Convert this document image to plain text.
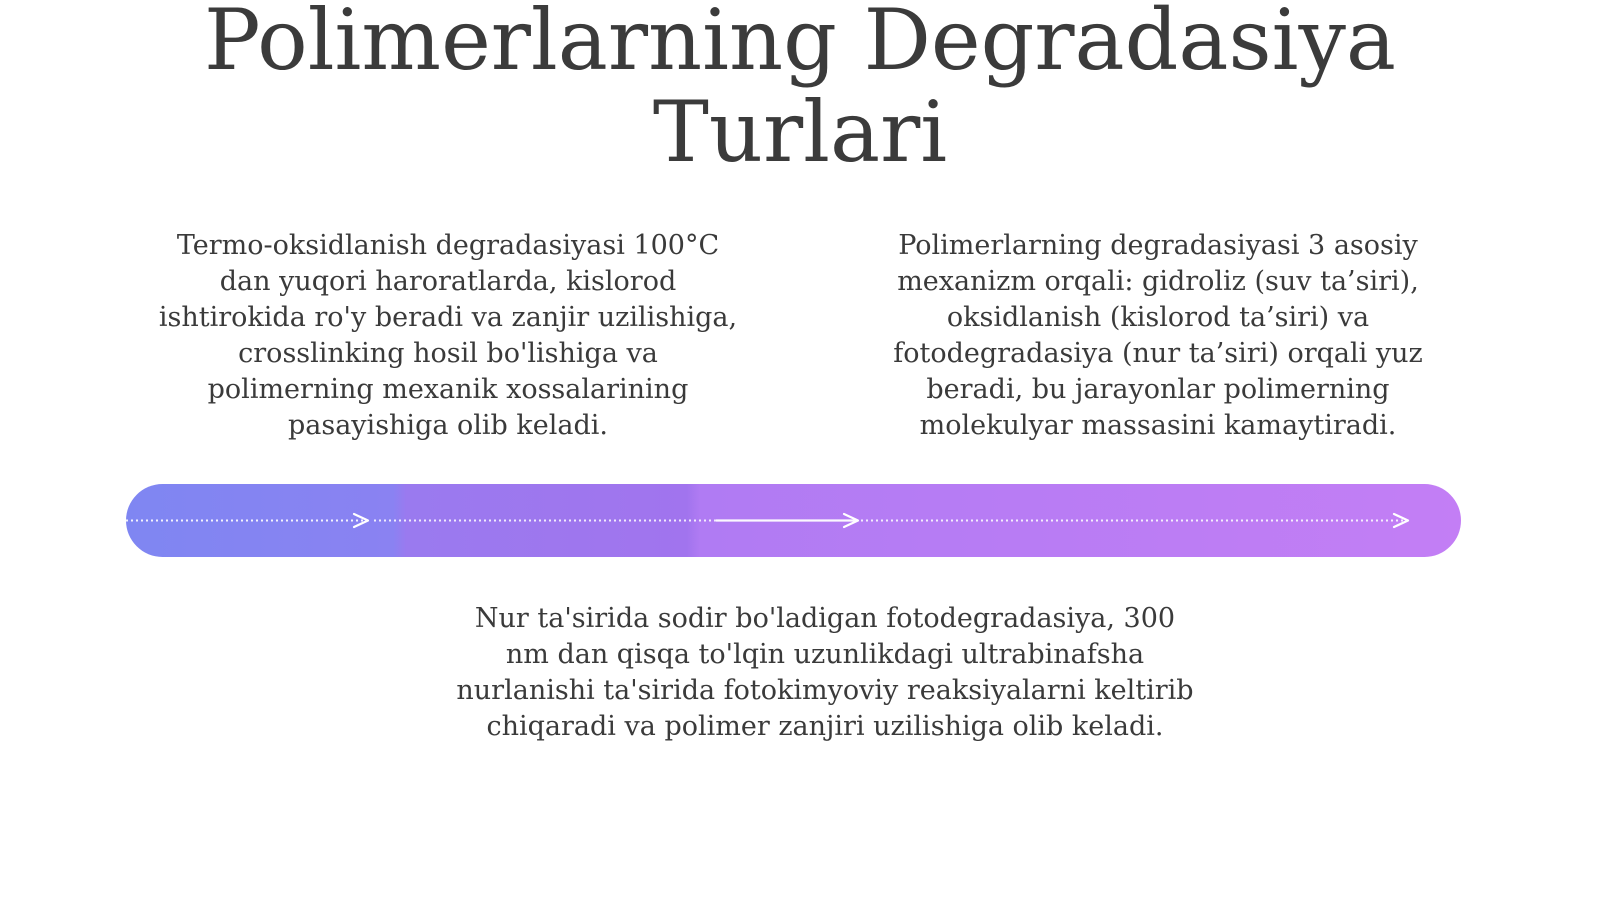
Polimerlarning Degradasiya Turlari

Termo-oksidlanish degradasiyasi 100°C dan yuqori haroratlarda, kislorod ishtirokida ro'y beradi va zanjir uzilishiga, crosslinking hosil bo'lishiga va polimerning mexanik xossalarining pasayishiga olib keladi.

Polimerlarning degradasiyasi 3 asosiy mexanizm orqali: gidroliz (suv ta’siri), oksidlanish (kislorod ta’siri) va fotodegradasiya (nur ta’siri) orqali yuz beradi, bu jarayonlar polimerning molekulyar massasini kamaytiradi.

Nur ta'sirida sodir bo'ladigan fotodegradasiya, 300 nm dan qisqa to'lqin uzunlikdagi ultrabinafsha nurlanishi ta'sirida fotokimyoviy reaksiyalarni keltirib chiqaradi va polimer zanjiri uzilishiga olib keladi.
